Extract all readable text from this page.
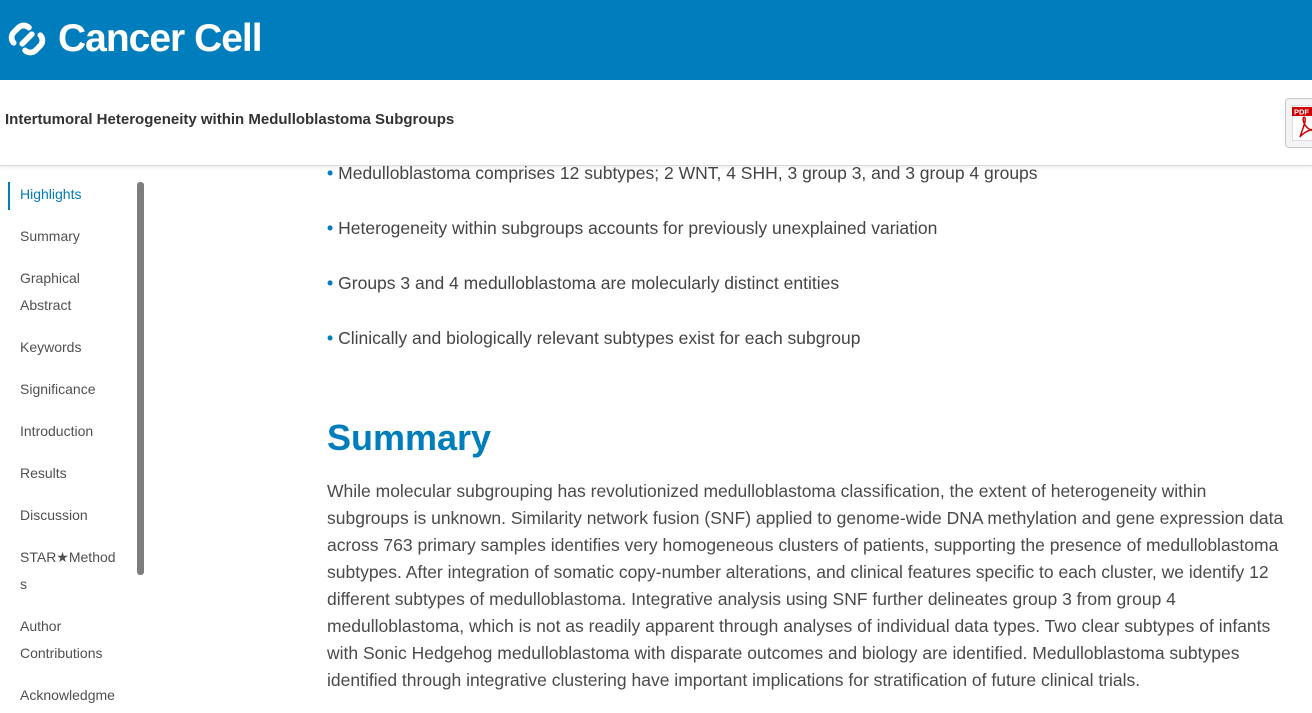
Cancer Cell
Intertumoral Heterogeneity within Medulloblastoma Subgroups	PDF
Highlights
Summary
Graphical Abstract
Keywords
Significance
Introduction
Results
Discussion
STAR★Methods
Author Contributions
Acknowledgme
• Medulloblastoma comprises 12 subtypes; 2 WNT, 4 SHH, 3 group 3, and 3 group 4 groups
• Heterogeneity within subgroups accounts for previously unexplained variation
• Groups 3 and 4 medulloblastoma are molecularly distinct entities
• Clinically and biologically relevant subtypes exist for each subgroup
Summary

While molecular subgrouping has revolutionized medulloblastoma classification, the extent of heterogeneity within
subgroups is unknown. Similarity network fusion (SNF) applied to genome-wide DNA methylation and gene expression data
across 763 primary samples identifies very homogeneous clusters of patients, supporting the presence of medulloblastoma
subtypes. After integration of somatic copy-number alterations, and clinical features specific to each cluster, we identify 12
different subtypes of medulloblastoma. Integrative analysis using SNF further delineates group 3 from group 4
medulloblastoma, which is not as readily apparent through analyses of individual data types. Two clear subtypes of infants
with Sonic Hedgehog medulloblastoma with disparate outcomes and biology are identified. Medulloblastoma subtypes
identified through integrative clustering have important implications for stratification of future clinical trials.
